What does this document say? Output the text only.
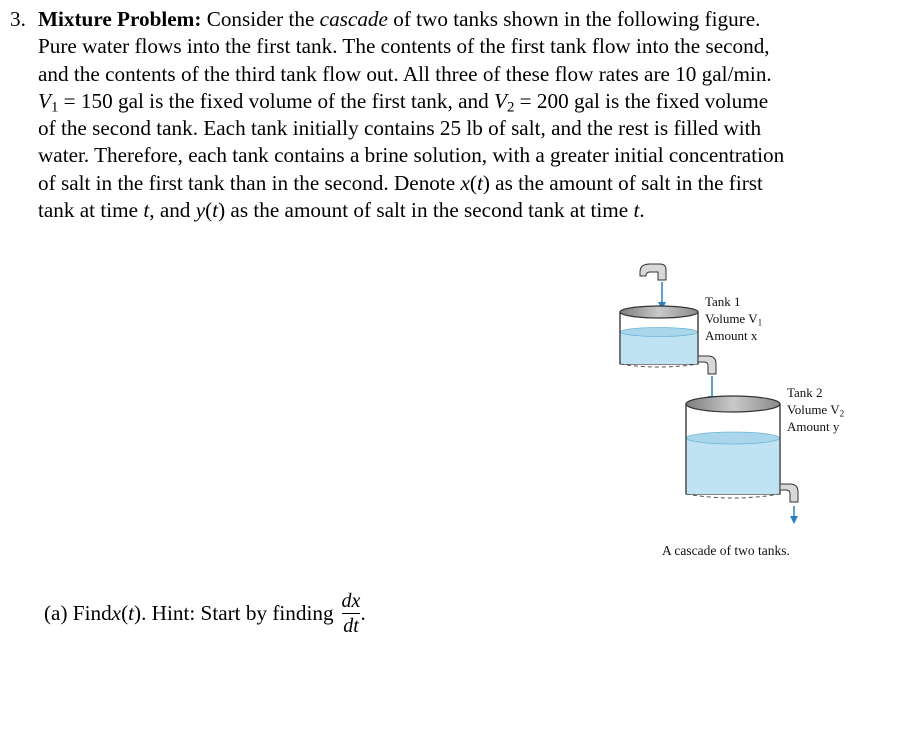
3. Mixture Problem: Consider the cascade of two tanks shown in the following figure.
Pure water flows into the first tank. The contents of the first tank flow into the second,
and the contents of the third tank flow out. All three of these flow rates are 10 gal/min.
$V_1 = 150$ gal is the fixed volume of the first tank, and $V_2 = 200$ gal is the fixed volume
of the second tank. Each tank initially contains 25 lb of salt, and the rest is filled with
water. Therefore, each tank contains a brine solution, with a greater initial concentration
of salt in the first tank than in the second. Denote x(t) as the amount of salt in the first
tank at time t, and y(t) as the amount of salt in the second tank at time t.
Tank 1
Volume $V_1$
Amount x
Tank 2
Volume $V_2$
Amount y
A cascade of two tanks.
(a) Find x ( t ). Hint: Start by finding $\frac{dx}{dt}$ .
